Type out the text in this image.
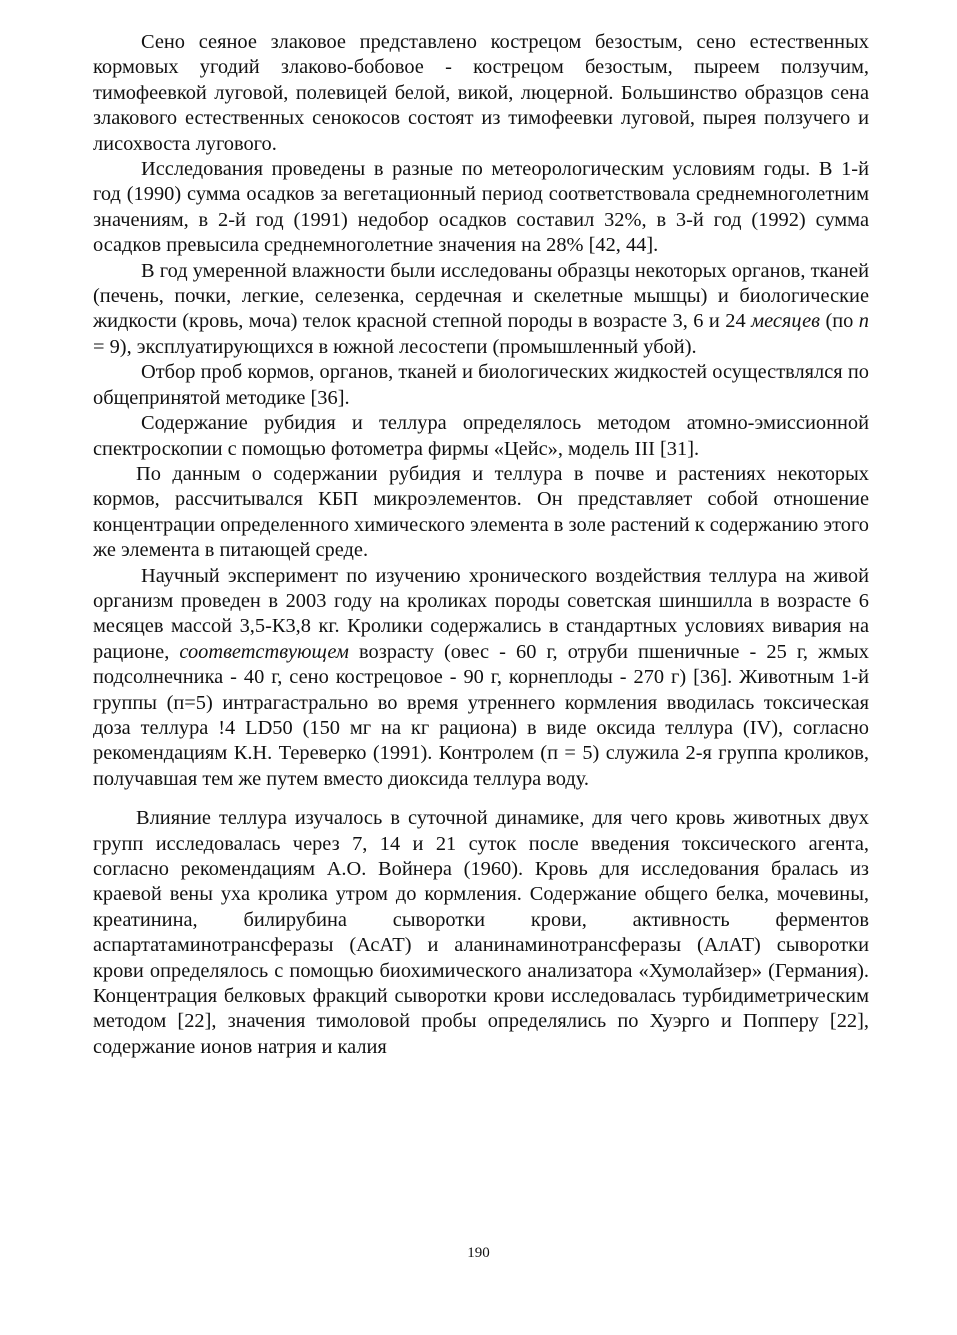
Сено сеяное злаковое представлено кострецом безостым, сено естественных кормовых угодий злаково-бобовое - кострецом безостым, пыреем ползучим, тимофеевкой луговой, полевицей белой, викой, люцерной. Большинство образцов сена злакового естественных сенокосов состоят из тимофеевки луговой, пырея ползучего и лисохвоста лугового.

Исследования проведены в разные по метеорологическим условиям годы. В 1-й год (1990) сумма осадков за вегетационный период соответствовала среднемноголетним значениям, в 2-й год (1991) недобор осадков составил 32%, в 3-й год (1992) сумма осадков превысила среднемноголетние значения на 28% [42, 44].

В год умеренной влажности были исследованы образцы некоторых органов, тканей (печень, почки, легкие, селезенка, сердечная и скелетные мышцы) и биологические жидкости (кровь, моча) телок красной степной породы в возрасте 3, 6 и 24 месяцев (по n = 9), эксплуатирующихся в южной лесостепи (промышленный убой).

Отбор проб кормов, органов, тканей и биологических жидкостей осуществлялся по общепринятой методике [36].

Содержание рубидия и теллура определялось методом атомно-эмиссионной спектроскопии с помощью фотометра фирмы «Цейс», модель III [31].

По данным о содержании рубидия и теллура в почве и растениях некоторых кормов, рассчитывался КБП микроэлементов. Он представляет собой отношение концентрации определенного химического элемента в золе растений к содержанию этого же элемента в питающей среде.

Научный эксперимент по изучению хронического воздействия теллура на живой организм проведен в 2003 году на кроликах породы советская шиншилла в возрасте 6 месяцев массой 3,5-К3,8 кг. Кролики содержались в стандартных условиях вивария на рационе, соответствующем возрасту (овес - 60 г, отруби пшеничные - 25 г, жмых подсолнечника - 40 г, сено кострецовое - 90 г, корнеплоды - 270 г) [36]. Животным 1-й группы (п=5) интрагастрально во время утреннего кормления вводилась токсическая доза теллура !4 LD50 (150 мг на кг рациона) в виде оксида теллура (IV), согласно рекомендациям К.Н. Тереверко (1991). Контролем (п = 5) служила 2-я группа кроликов, получавшая тем же путем вместо диоксида теллура воду.

Влияние теллура изучалось в суточной динамике, для чего кровь животных двух групп исследовалась через 7, 14 и 21 суток после введения токсического агента, согласно рекомендациям А.О. Войнера (1960). Кровь для исследования бралась из краевой вены уха кролика утром до кормления. Содержание общего белка, мочевины, креатинина, билирубина сыворотки крови, активность ферментов аспартатаминотрансферазы (АсАТ) и аланинаминотрансферазы (АлАТ) сыворотки крови определялось с помощью биохимического анализатора «Хумолайзер» (Германия). Концентрация белковых фракций сыворотки крови исследовалась турбидиметрическим методом [22], значения тимоловой пробы определялись по Хуэрго и Попперу [22], содержание ионов натрия и калия

190
